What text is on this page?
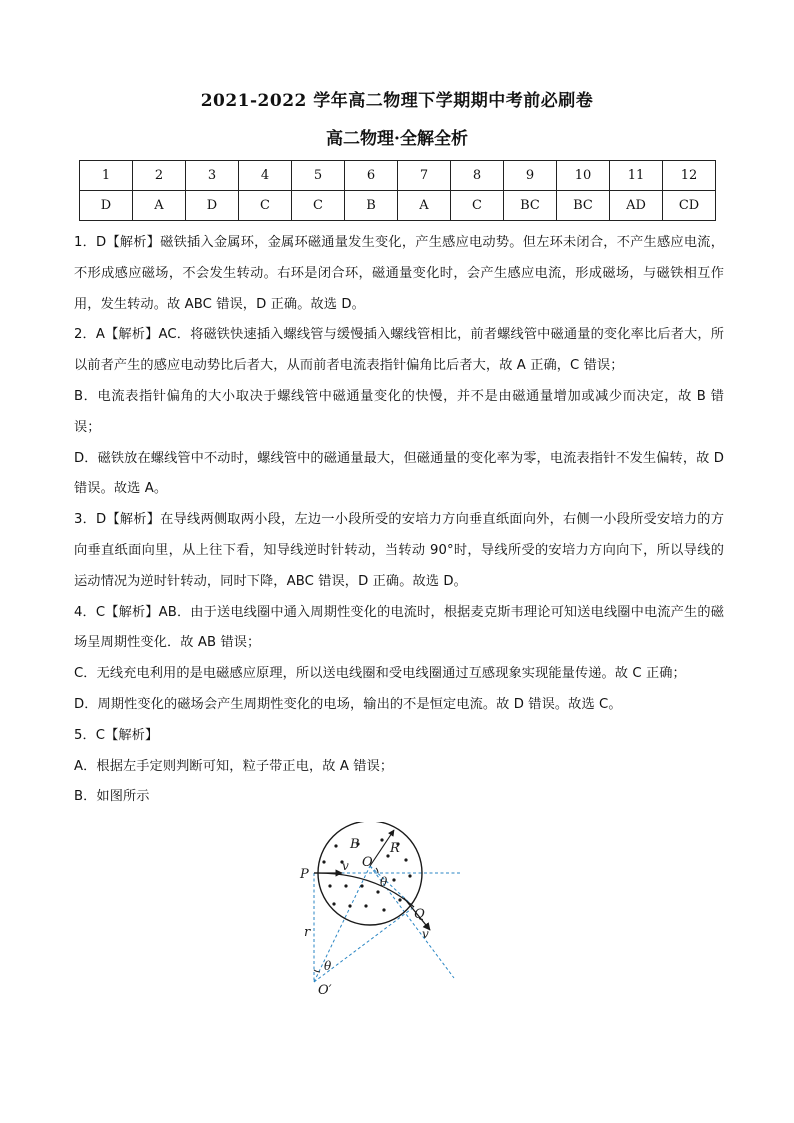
2021-2022 学年高二物理下学期期中考前必刷卷
高二物理·全解全析
1	2	3	4	5	6	7	8	9	10	11	12
D	A	D	C	C	B	A	C	BC	BC	AD	CD

1．D【解析】磁铁插入金属环，金属环磁通量发生变化，产生感应电动势。但左环未闭合，不产生感应电流，不形成感应磁场，不会发生转动。右环是闭合环，磁通量变化时，会产生感应电流，形成磁场，与磁铁相互作用，发生转动。故 ABC 错误，D 正确。故选 D。

2．A【解析】AC．将磁铁快速插入螺线管与缓慢插入螺线管相比，前者螺线管中磁通量的变化率比后者大，所以前者产生的感应电动势比后者大，从而前者电流表指针偏角比后者大，故 A 正确，C 错误；

B．电流表指针偏角的大小取决于螺线管中磁通量变化的快慢，并不是由磁通量增加或减少而决定，故 B 错误；

D．磁铁放在螺线管中不动时，螺线管中的磁通量最大，但磁通量的变化率为零，电流表指针不发生偏转，故 D 错误。故选 A。

3．D【解析】在导线两侧取两小段，左边一小段所受的安培力方向垂直纸面向外，右侧一小段所受安培力的方向垂直纸面向里，从上往下看，知导线逆时针转动，当转动 90°时，导线所受的安培力方向向下，所以导线的运动情况为逆时针转动，同时下降，ABC 错误，D 正确。故选 D。

4．C【解析】AB．由于送电线圈中通入周期性变化的电流时，根据麦克斯韦理论可知送电线圈中电流产生的磁场呈周期性变化．故 AB 错误；

C．无线充电利用的是电磁感应原理，所以送电线圈和受电线圈通过互感现象实现能量传递。故 C 正确；

D．周期性变化的磁场会产生周期性变化的电场，输出的不是恒定电流。故 D 错误。故选 C。

5．C【解析】

A．根据左手定则判断可知，粒子带正电，故 A 错误；

B．如图所示

B R
O
v
P	θ
Q
v
r
θ
O′
